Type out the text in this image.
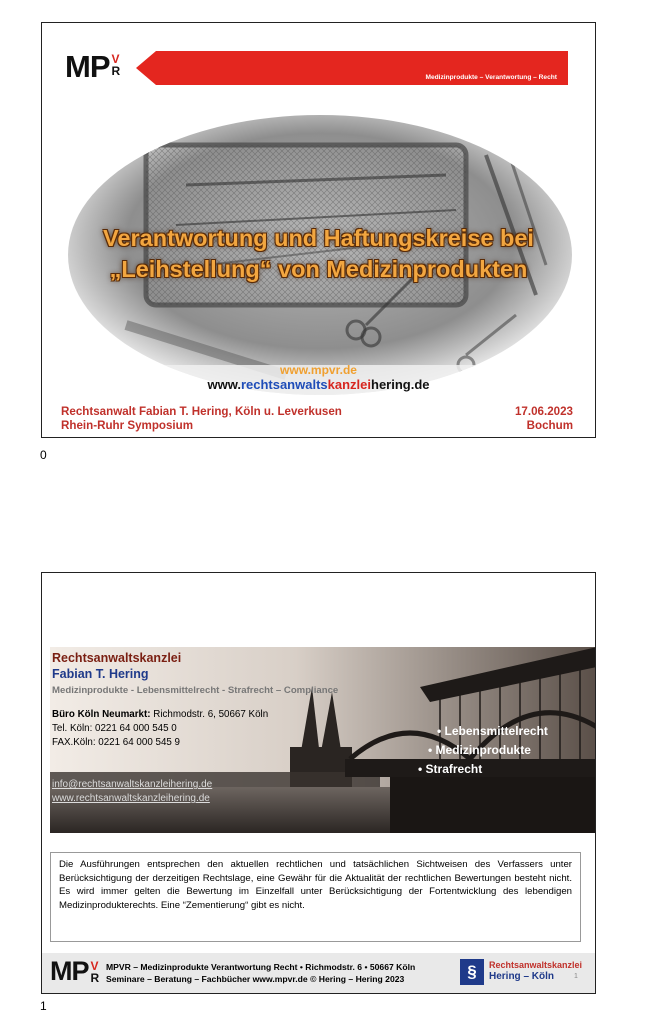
MP V
R	Medizinprodukte – Verantwortung – Recht
Verantwortung und Haftungskreise bei
„Leihstellung“ von Medizinprodukten
www.mpvr.de
www.rechtsanwaltskanzleihering.de
Rechtsanwalt Fabian T. Hering, Köln u. Leverkusen
Rhein-Ruhr Symposium
17.06.2023
Bochum
0
Rechtsanwaltskanzlei
Fabian T. Hering
Medizinprodukte - Lebensmittelrecht - Strafrecht – Compliance
Büro Köln Neumarkt: Richmodstr. 6, 50667 Köln
Tel. Köln: 0221 64 000 545 0
FAX.Köln: 0221 64 000 545 9
info@rechtsanwaltskanzleihering.de
www.rechtsanwaltskanzleihering.de
• Lebensmittelrecht
• Medizinprodukte
• Strafrecht
Die Ausführungen entsprechen den aktuellen rechtlichen und tatsächlichen Sichtweisen des Verfassers unter Berücksichtigung der derzeitigen Rechtslage, eine Gewähr für die Aktualität der rechtlichen Bewertungen besteht nicht. Es wird immer gelten die Bewertung im Einzelfall unter Berücksichtigung der Fortentwicklung des lebendigen Medizinprodukterechts. Eine “Zementierung“ gibt es nicht.
MP V
R
MPVR – Medizinprodukte Verantwortung Recht • Richmodstr. 6 • 50667 Köln
Seminare – Beratung – Fachbücher www.mpvr.de © Hering – Hering 2023	§	Rechtsanwaltskanzlei
Hering – Köln	1
1
